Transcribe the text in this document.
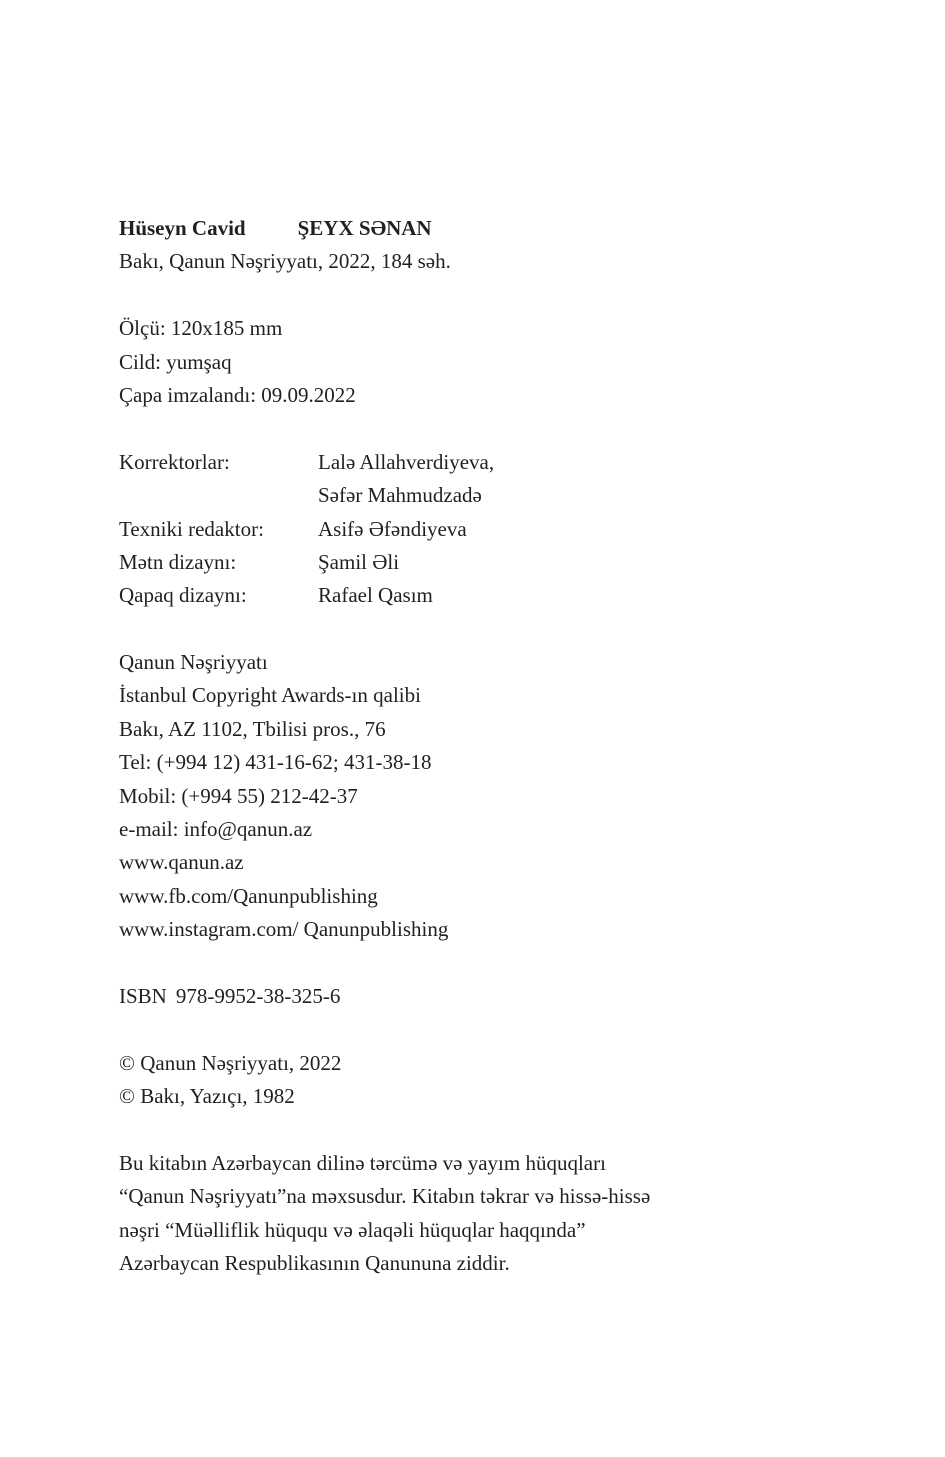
Hüseyn Cavid ŞEYX SƏNAN
Bakı, Qanun Nəşriyyatı, 2022, 184 səh.
Ölçü: 120x185 mm
Cild: yumşaq
Çapa imzalandı: 09.09.2022
Korrektorlar:	Lalə Allahverdiyeva,
Səfər Mahmudzadə
Texniki redaktor:	Asifə Əfəndiyeva
Mətn dizaynı:	Şamil Əli
Qapaq dizaynı:	Rafael Qasım
Qanun Nəşriyyatı
İstanbul Copyright Awards-ın qalibi
Bakı, AZ 1102, Tbilisi pros., 76
Tel: (+994 12) 431-16-62; 431-38-18
Mobil: (+994 55) 212-42-37
e-mail: info@qanun.az
www.qanun.az
www.fb.com/Qanunpublishing
www.instagram.com/ Qanunpublishing
ISBN 978-9952-38-325-6
© Qanun Nəşriyyatı, 2022
© Bakı, Yazıçı, 1982
Bu kitabın Azərbaycan dilinə tərcümə və yayım hüquqları
“Qanun Nəşriyyatı”na məxsusdur. Kitabın təkrar və hissə-hissə
nəşri “Müəlliflik hüququ və əlaqəli hüquqlar haqqında”
Azərbaycan Respublikasının Qanununa ziddir.
